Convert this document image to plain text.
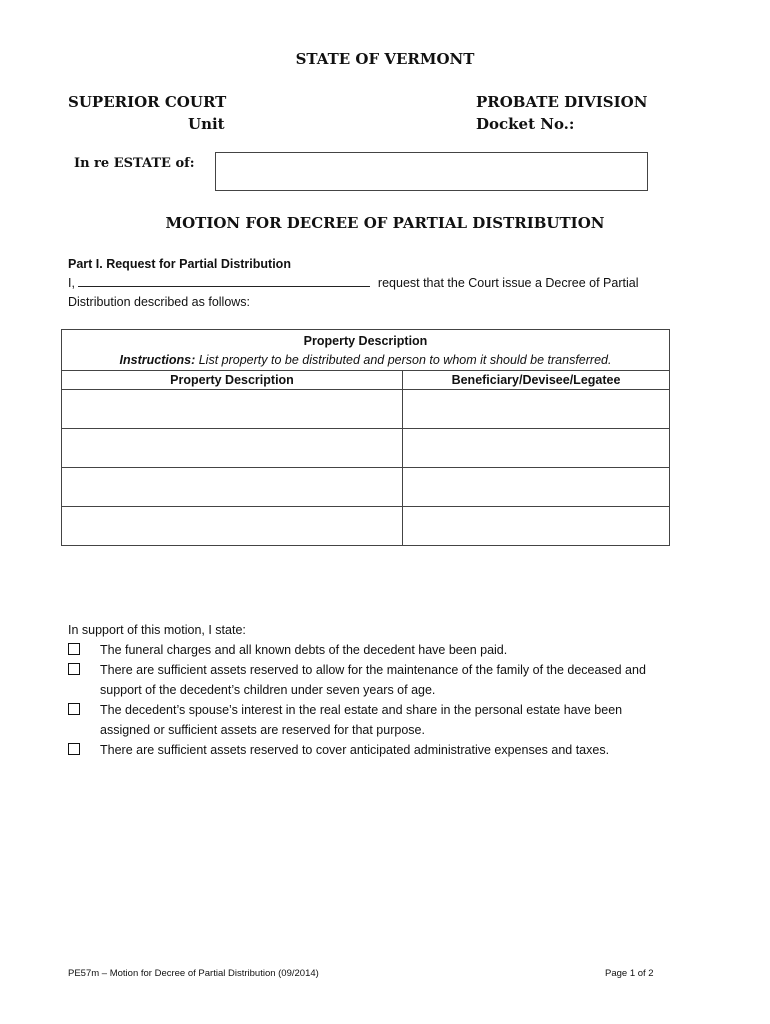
STATE OF VERMONT
SUPERIOR COURT
Unit
PROBATE DIVISION
Docket No.:
In re ESTATE of:
MOTION FOR DECREE OF PARTIAL DISTRIBUTION
Part I. Request for Partial Distribution
I,	request that the Court issue a Decree of Partial
Distribution described as follows:
Property Description
Instructions: List property to be distributed and person to whom it should be transferred.
Property Description	Beneficiary/Devisee/Legatee
In support of this motion, I state:
The funeral charges and all known debts of the decedent have been paid.
There are sufficient assets reserved to allow for the maintenance of the family of the deceased and support of the decedent’s children under seven years of age.
The decedent’s spouse’s interest in the real estate and share in the personal estate have been assigned or sufficient assets are reserved for that purpose.
There are sufficient assets reserved to cover anticipated administrative expenses and taxes.
PE57m – Motion for Decree of Partial Distribution (09/2014)	Page 1 of 2
